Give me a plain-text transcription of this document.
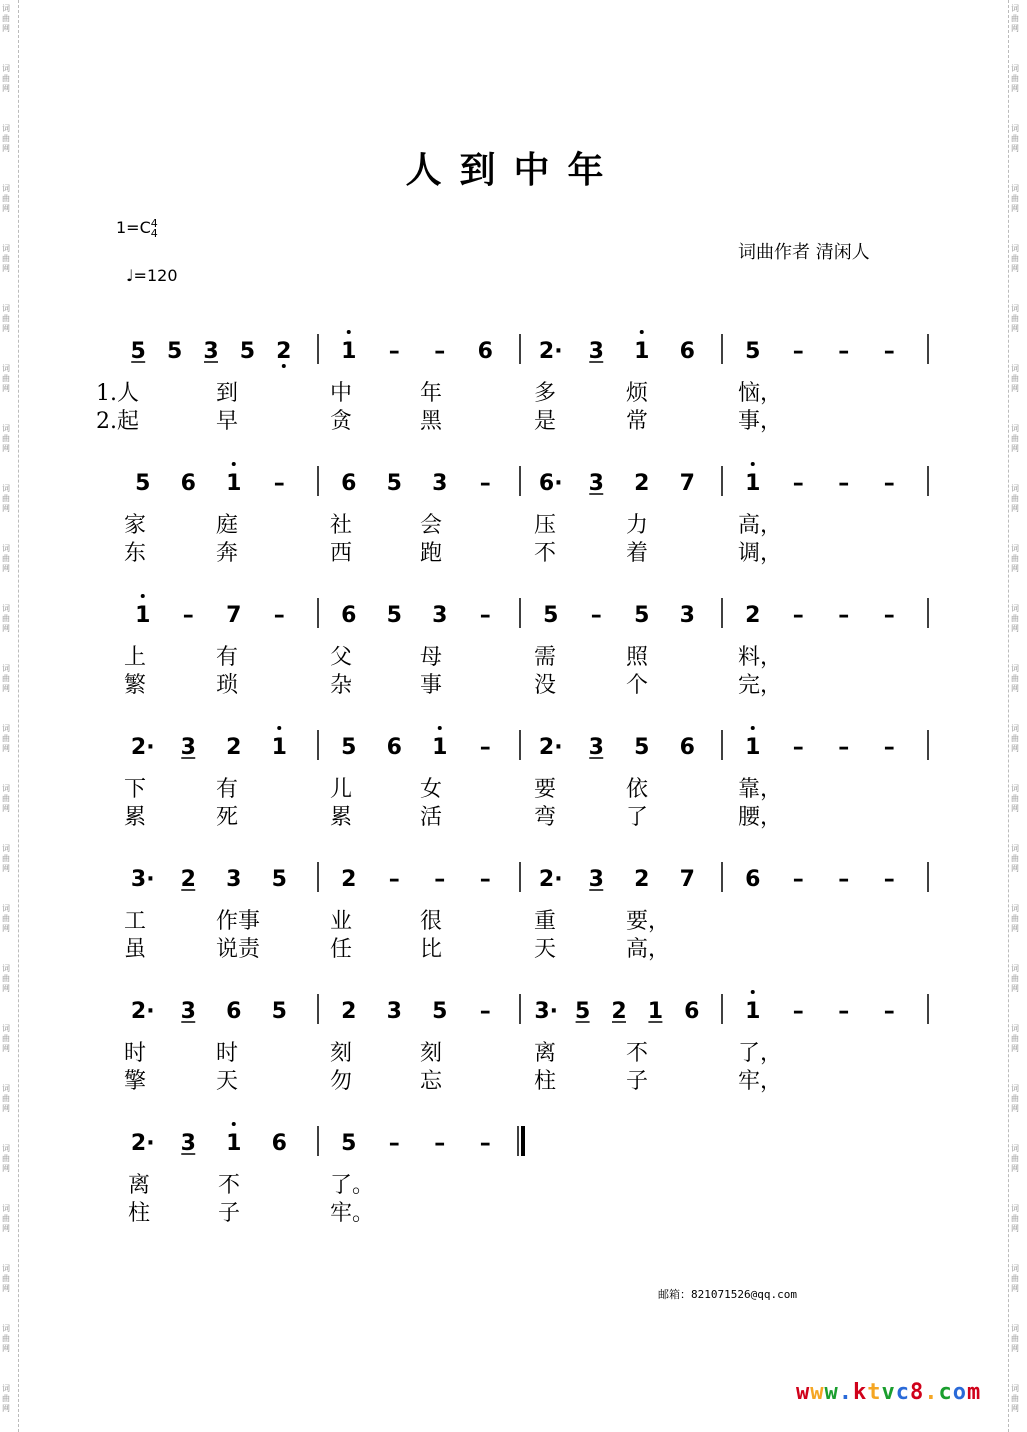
词
曲
网
词
曲
网
词
曲
网
词
曲
网
词
曲
网
词
曲
网
词
曲
网
词
曲
网
词
曲
网
词
曲
网
词
曲
网
词
曲
网
词
曲
网
词
曲
网
词
曲
网
词
曲
网
词
曲
网
词
曲
网
词
曲
网
词
曲
网
词
曲
网
词
曲
网
词
曲
网
词
曲
网
词
曲
网
词
曲
网
词
曲
网
词
曲
网
词
曲
网
词
曲
网
词
曲
网
词
曲
网
词
曲
网
词
曲
网
词
曲
网
词
曲
网
词
曲
网
词
曲
网
词
曲
网
词
曲
网
词
曲
网
词
曲
网
词
曲
网
词
曲
网
词
曲
网
词
曲
网
词
曲
网
词
曲
网
人到中年
1=C4
4
♩=120
词曲作者 清闲人
5 5 3 5 2 1 – – 6 2· 3 1 6 5 – – –
1.人	到	中	年	多	烦	恼，
2.起	早	贪	黑	是	常	事，
5 6 1 –	6 5 3 – 6· 3 2 7 1 – – –
家	庭	社	会	压	力	高，
东	奔	西	跑	不	着	调，
1 – 7 –	6 5 3 – 5 – 5 3 2 – – –
上	有	父	母	需	照	料，
繁	琐	杂	事	没	个	完，
2· 3 2 1 5 6 1 – 2· 3 5 6 1 – – –
下	有	儿	女	要	依	靠，
累	死	累	活	弯	了	腰，
3· 2 3 5 2 – – – 2· 3 2 7 6 – – –
工	作事	业	很	重	要，
虽	说责	任	比	天	高，
2· 3 6 5 2 3 5 – 3· 5 2 1 6 1 – – –
时	时	刻	刻	离	不	了，
擎	天	勿	忘	柱	子	牢，
2· 3 1 6 5 – – –
离	不	了。
柱	子	牢。
邮箱：821071526@qq.com
www.ktvc8.com
